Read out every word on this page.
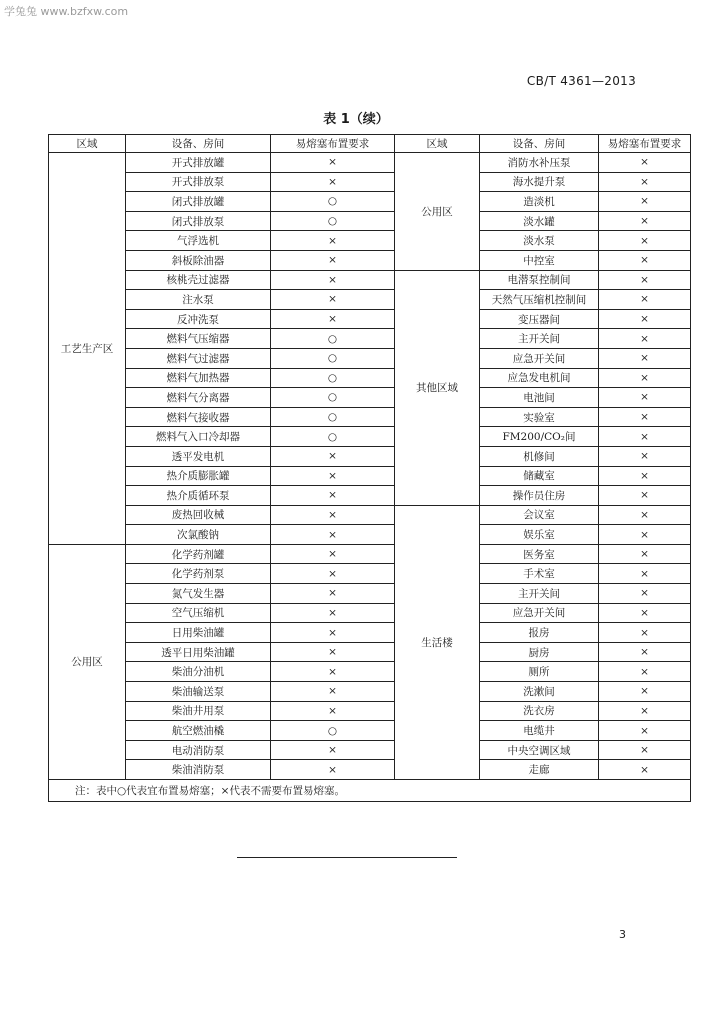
学兔兔 www.bzfxw.com
CB/T 4361—2013
表 1（续）
区域	设备、房间	易熔塞布置要求	区域	设备、房间	易熔塞布置要求
工艺生产区	开式排放罐	×	公用区	消防水补压泵	×
	开式排放泵	×		海水提升泵	×
	闭式排放罐	○		造淡机	×
	闭式排放泵	○		淡水罐	×
	气浮选机	×		淡水泵	×
	斜板除油器	×		中控室	×
	核桃壳过滤器	×	其他区域	电潜泵控制间	×
	注水泵	×		天然气压缩机控制间	×
	反冲洗泵	×		变压器间	×
	燃料气压缩器	○		主开关间	×
	燃料气过滤器	○		应急开关间	×
	燃料气加热器	○		应急发电机间	×
	燃料气分离器	○		电池间	×
	燃料气接收器	○		实验室	×
	燃料气入口冷却器	○		FM200/CO₂间	×
	透平发电机	×		机修间	×
	热介质膨胀罐	×		储藏室	×
	热介质循环泵	×		操作员住房	×
	废热回收械	×	生活楼	会议室	×
	次氯酸钠	×		娱乐室	×
公用区	化学药剂罐	×		医务室	×
	化学药剂泵	×		手术室	×
	氮气发生器	×		主开关间	×
	空气压缩机	×		应急开关间	×
	日用柴油罐	×		报房	×
	透平日用柴油罐	×		厨房	×
	柴油分油机	×		厕所	×
	柴油输送泵	×		洗漱间	×
	柴油井用泵	×		洗衣房	×
	航空燃油橇	○		电缆井	×
	电动消防泵	×		中央空调区域	×
	柴油消防泵	×		走廊	×
注：表中○代表宜布置易熔塞；×代表不需要布置易熔塞。					
3
